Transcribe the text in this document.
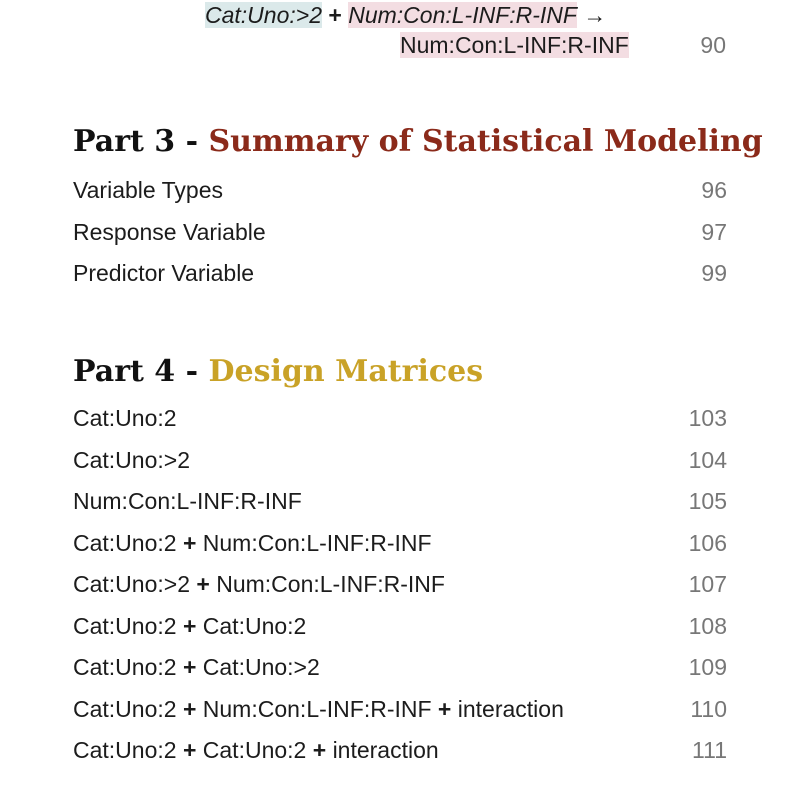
Cat:Uno:>2 + Num:Con:L-INF:R-INF →
Num:Con:L-INF:R-INF	90
Part 3 - Summary of Statistical Modeling
Variable Types	96
Response Variable	97
Predictor Variable	99
Part 4 - Design Matrices
Cat:Uno:2	103
Cat:Uno:>2	104
Num:Con:L-INF:R-INF	105
Cat:Uno:2 + Num:Con:L-INF:R-INF	106
Cat:Uno:>2 + Num:Con:L-INF:R-INF	107
Cat:Uno:2 + Cat:Uno:2	108
Cat:Uno:2 + Cat:Uno:>2	109
Cat:Uno:2 + Num:Con:L-INF:R-INF + interaction	110
Cat:Uno:2 + Cat:Uno:2 + interaction	111
